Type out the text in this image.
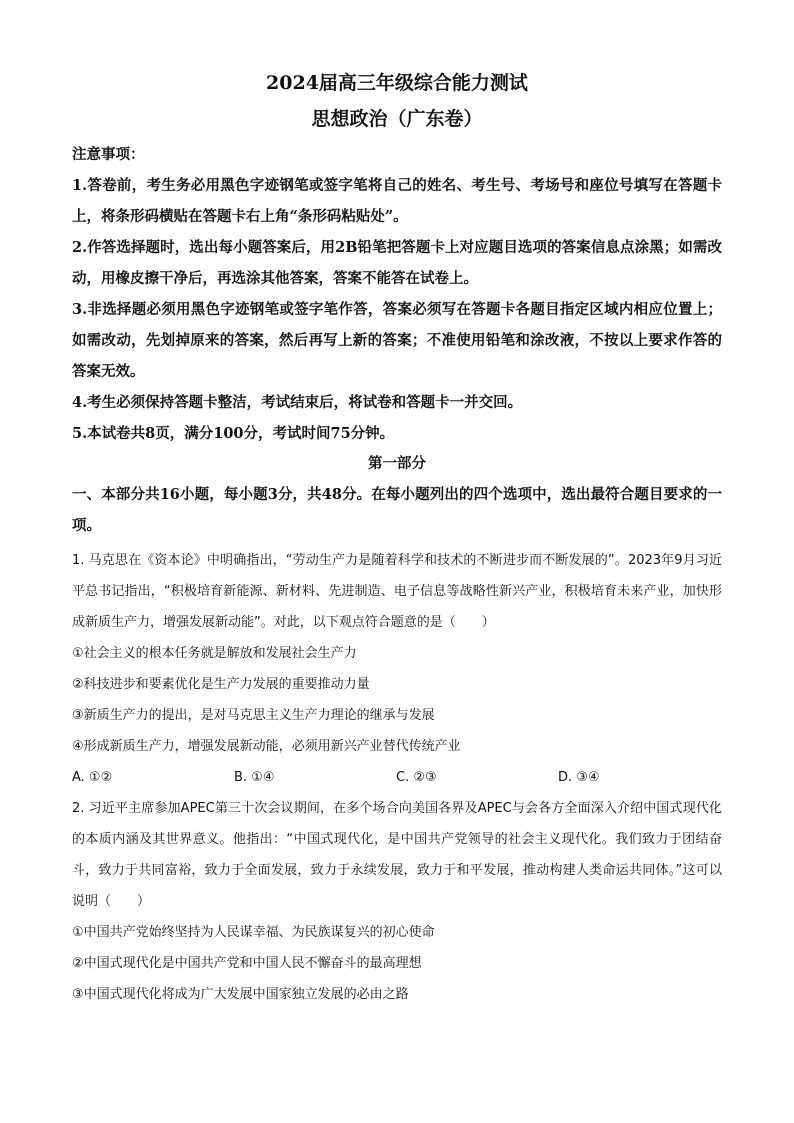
2024届高三年级综合能力测试
思想政治（广东卷）

注意事项：

1.答卷前，考生务必用黑色字迹钢笔或签字笔将自己的姓名、考生号、考场号和座位号填写在答题卡上，将条形码横贴在答题卡右上角“条形码粘贴处”。

2.作答选择题时，选出每小题答案后，用2B铅笔把答题卡上对应题目选项的答案信息点涂黑；如需改动，用橡皮擦干净后，再选涂其他答案，答案不能答在试卷上。

3.非选择题必须用黑色字迹钢笔或签字笔作答，答案必须写在答题卡各题目指定区域内相应位置上；如需改动，先划掉原来的答案，然后再写上新的答案；不准使用铅笔和涂改液，不按以上要求作答的答案无效。

4.考生必须保持答题卡整洁，考试结束后，将试卷和答题卡一并交回。

5.本试卷共8页，满分100分，考试时间75分钟。

第一部分

一、本部分共16小题，每小题3分，共48分。在每小题列出的四个选项中，选出最符合题目要求的一项。

1. 马克思在《资本论》中明确指出，“劳动生产力是随着科学和技术的不断进步而不断发展的”。2023年9月习近平总书记指出，“积极培育新能源、新材料、先进制造、电子信息等战略性新兴产业，积极培育未来产业，加快形成新质生产力，增强发展新动能”。对此，以下观点符合题意的是（　　）

①社会主义的根本任务就是解放和发展社会生产力

②科技进步和要素优化是生产力发展的重要推动力量

③新质生产力的提出，是对马克思主义生产力理论的继承与发展

④形成新质生产力，增强发展新动能，必须用新兴产业替代传统产业

A. ①②	B. ①④	C. ②③	D. ③④

2. 习近平主席参加APEC第三十次会议期间，在多个场合向美国各界及APEC与会各方全面深入介绍中国式现代化的本质内涵及其世界意义。他指出：“中国式现代化，是中国共产党领导的社会主义现代化。我们致力于团结奋斗，致力于共同富裕，致力于全面发展，致力于永续发展，致力于和平发展，推动构建人类命运共同体。”这可以说明（　　）

①中国共产党始终坚持为人民谋幸福、为民族谋复兴的初心使命

②中国式现代化是中国共产党和中国人民不懈奋斗的最高理想

③中国式现代化将成为广大发展中国家独立发展的必由之路
